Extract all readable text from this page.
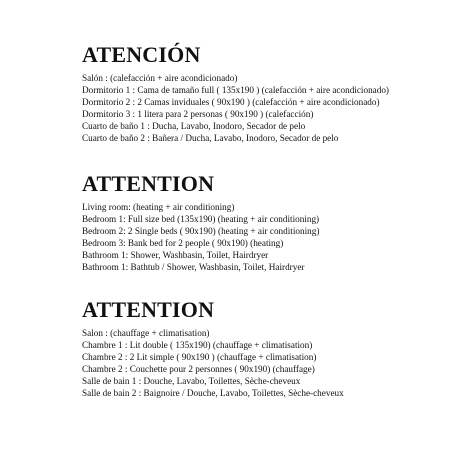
ATENCIÓN
Salón : (calefacción + aire acondicionado)
Dormitorio 1 : Cama de tamaño full ( 135x190 ) (calefacción + aire acondicionado)
Dormitorio 2 : 2 Camas inviduales ( 90x190 ) (calefacción + aire acondicionado)
Dormitorio 3 : 1 litera para 2 personas ( 90x190 ) (calefacción)
Cuarto de baño 1 : Ducha, Lavabo, Inodoro, Secador de pelo
Cuarto de baño 2 : Bañera / Ducha, Lavabo, Inodoro, Secador de pelo
ATTENTION
Living room: (heating + air conditioning)
Bedroom 1: Full size bed (135x190) (heating + air conditioning)
Bedroom 2: 2 Single beds ( 90x190) (heating + air conditioning)
Bedroom 3: Bank bed for 2 people ( 90x190) (heating)
Bathroom 1: Shower, Washbasin, Toilet, Hairdryer
Bathroom 1: Bathtub / Shower, Washbasin, Toilet, Hairdryer
ATTENTION
Salon : (chauffage + climatisation)
Chambre 1 : Lit double ( 135x190) (chauffage + climatisation)
Chambre 2 : 2 Lit simple ( 90x190 ) (chauffage + climatisation)
Chambre 2 : Couchette pour 2 personnes ( 90x190) (chauffage)
Salle de bain 1 : Douche, Lavabo, Toilettes, Sèche-cheveux
Salle de bain 2 : Baignoire / Douche, Lavabo, Toilettes, Sèche-cheveux
